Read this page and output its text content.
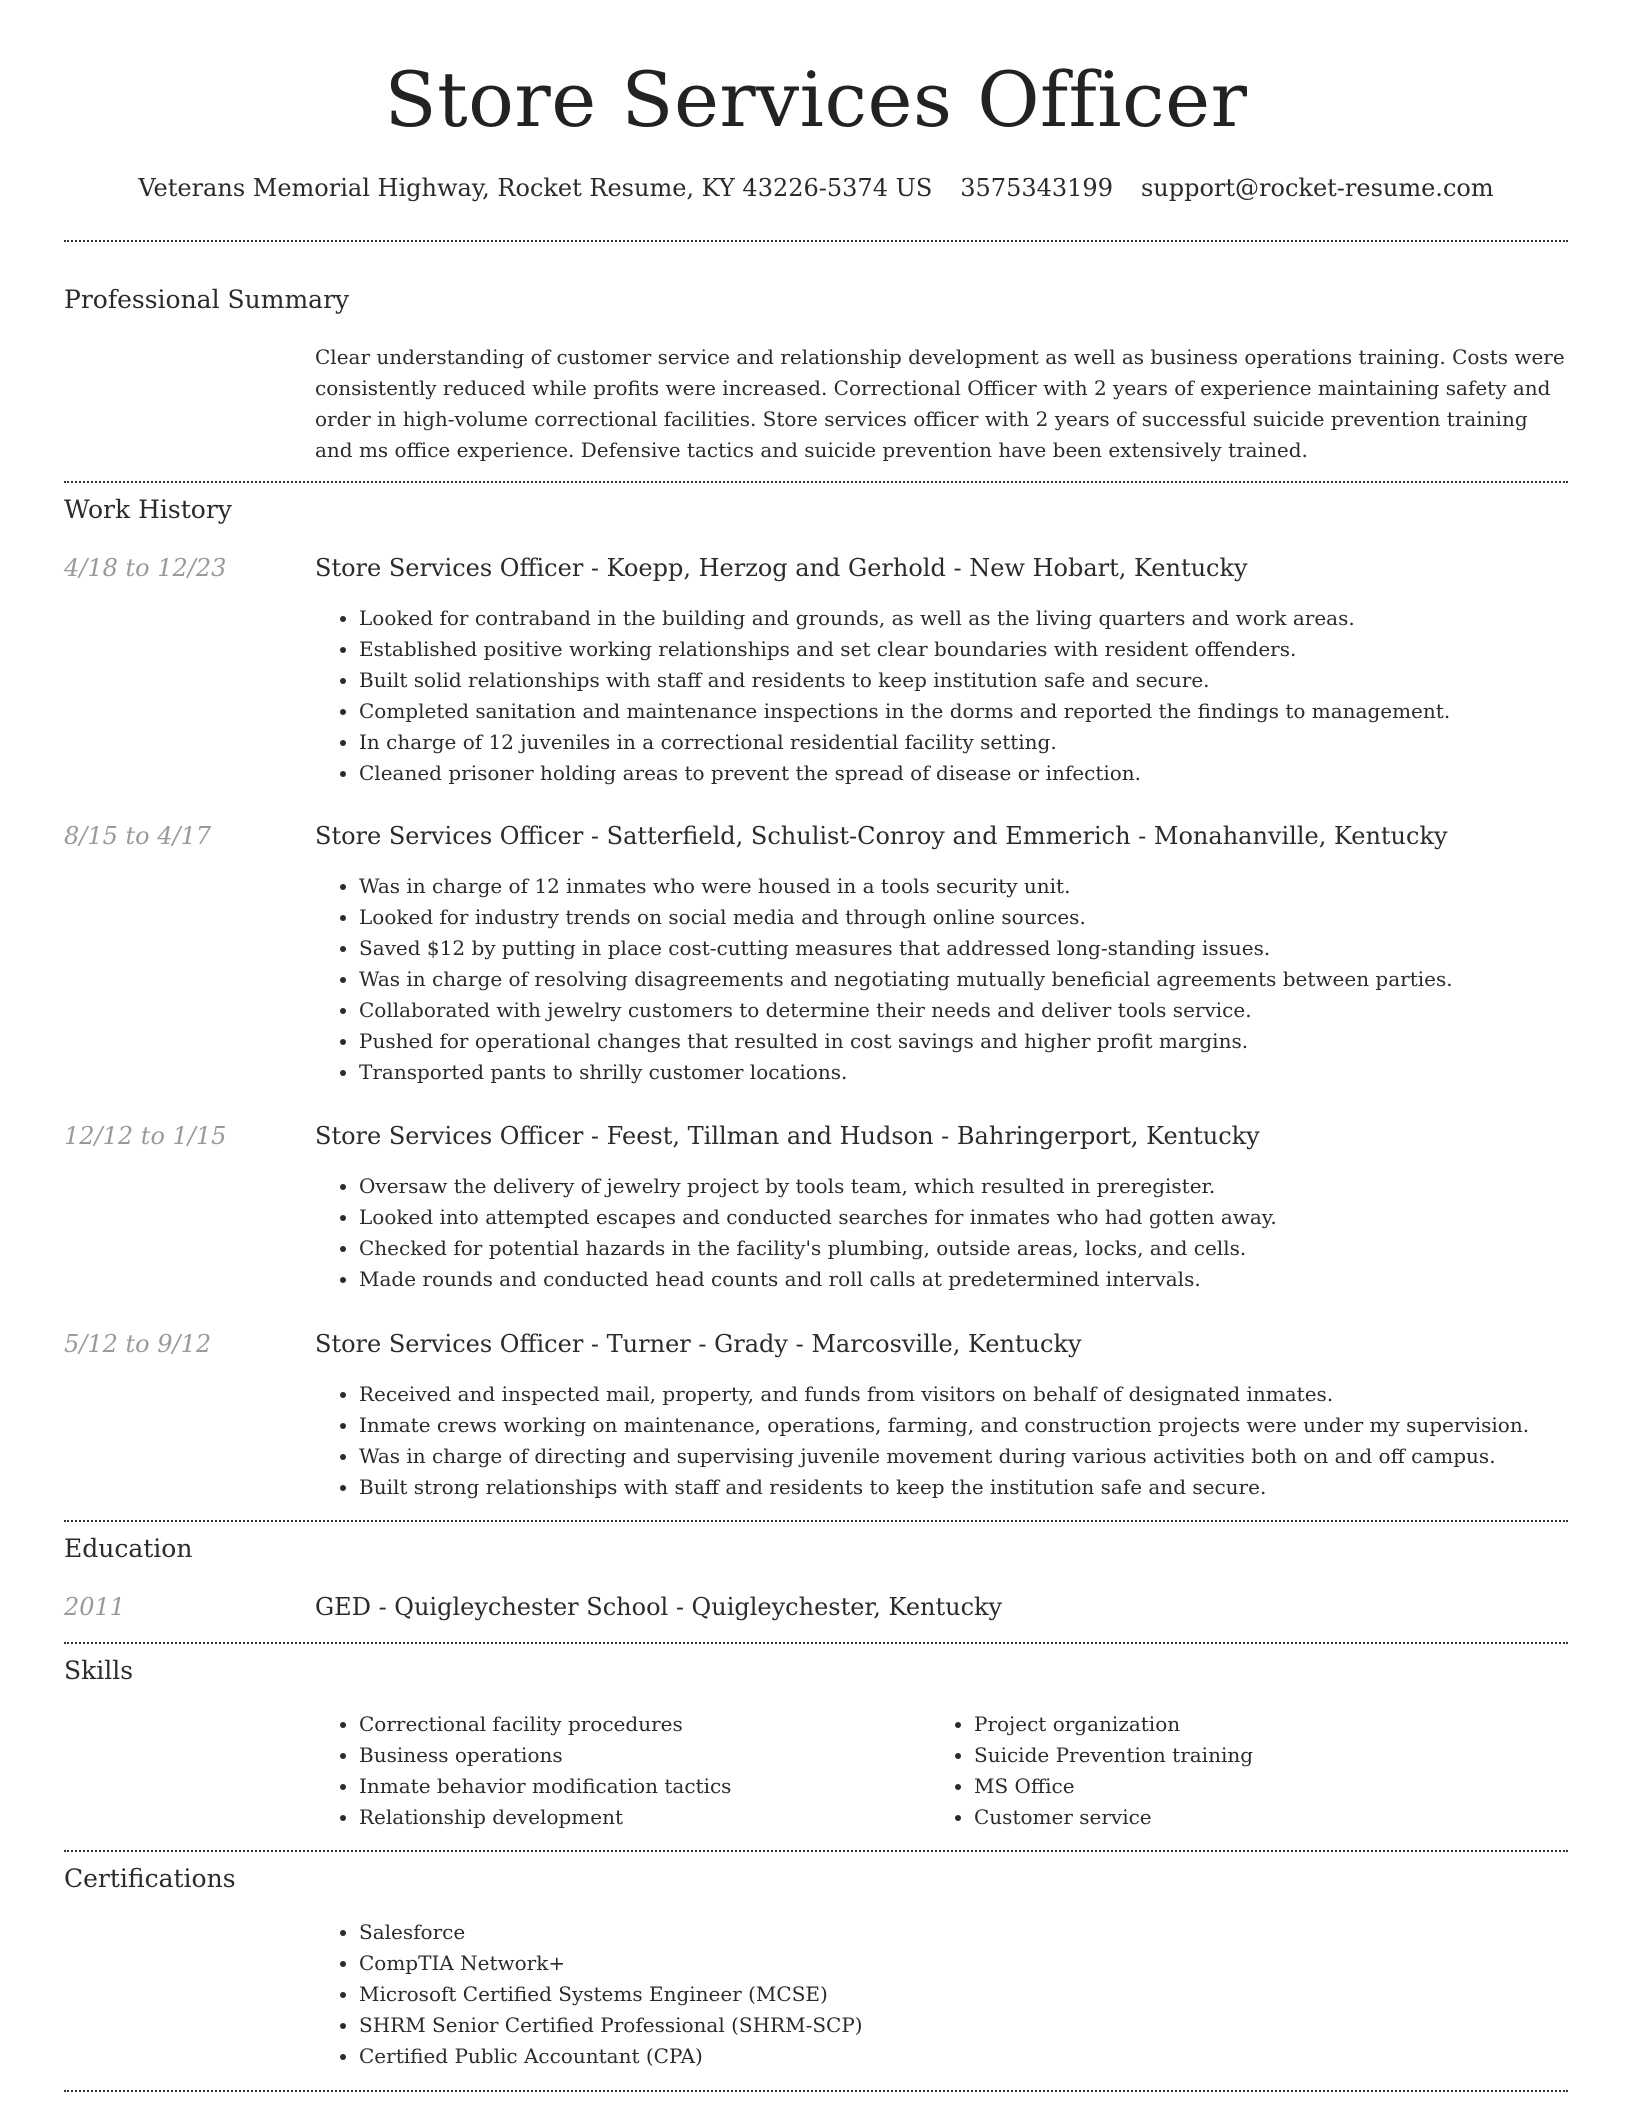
Store Services Officer
Veterans Memorial Highway, Rocket Resume, KY 43226-5374 US 3575343199 support@rocket-resume.com
Professional Summary

Clear understanding of customer service and relationship development as well as business operations training. Costs were consistently reduced while profits were increased. Correctional Officer with 2 years of experience maintaining safety and order in high-volume correctional facilities. Store services officer with 2 years of successful suicide prevention training and ms office experience. Defensive tactics and suicide prevention have been extensively trained.

Work History
4/18 to 12/23	Store Services Officer - Koepp, Herzog and Gerhold - New Hobart, Kentucky
• Looked for contraband in the building and grounds, as well as the living quarters and work areas.
• Established positive working relationships and set clear boundaries with resident offenders.
• Built solid relationships with staff and residents to keep institution safe and secure.
• Completed sanitation and maintenance inspections in the dorms and reported the findings to management.
• In charge of 12 juveniles in a correctional residential facility setting.
• Cleaned prisoner holding areas to prevent the spread of disease or infection.
8/15 to 4/17	Store Services Officer - Satterfield, Schulist-Conroy and Emmerich - Monahanville, Kentucky
• Was in charge of 12 inmates who were housed in a tools security unit.
• Looked for industry trends on social media and through online sources.
• Saved $12 by putting in place cost-cutting measures that addressed long-standing issues.
• Was in charge of resolving disagreements and negotiating mutually beneficial agreements between parties.
• Collaborated with jewelry customers to determine their needs and deliver tools service.
• Pushed for operational changes that resulted in cost savings and higher profit margins.
• Transported pants to shrilly customer locations.
12/12 to 1/15	Store Services Officer - Feest, Tillman and Hudson - Bahringerport, Kentucky
• Oversaw the delivery of jewelry project by tools team, which resulted in preregister.
• Looked into attempted escapes and conducted searches for inmates who had gotten away.
• Checked for potential hazards in the facility's plumbing, outside areas, locks, and cells.
• Made rounds and conducted head counts and roll calls at predetermined intervals.
5/12 to 9/12	Store Services Officer - Turner - Grady - Marcosville, Kentucky
• Received and inspected mail, property, and funds from visitors on behalf of designated inmates.
• Inmate crews working on maintenance, operations, farming, and construction projects were under my supervision.
• Was in charge of directing and supervising juvenile movement during various activities both on and off campus.
• Built strong relationships with staff and residents to keep the institution safe and secure.
Education
2011	GED - Quigleychester School - Quigleychester, Kentucky
Skills
• Correctional facility procedures
• Business operations
• Inmate behavior modification tactics
• Relationship development
• Project organization
• Suicide Prevention training
• MS Office
• Customer service
Certifications
• Salesforce
• CompTIA Network+
• Microsoft Certified Systems Engineer (MCSE)
• SHRM Senior Certified Professional (SHRM-SCP)
• Certified Public Accountant (CPA)
